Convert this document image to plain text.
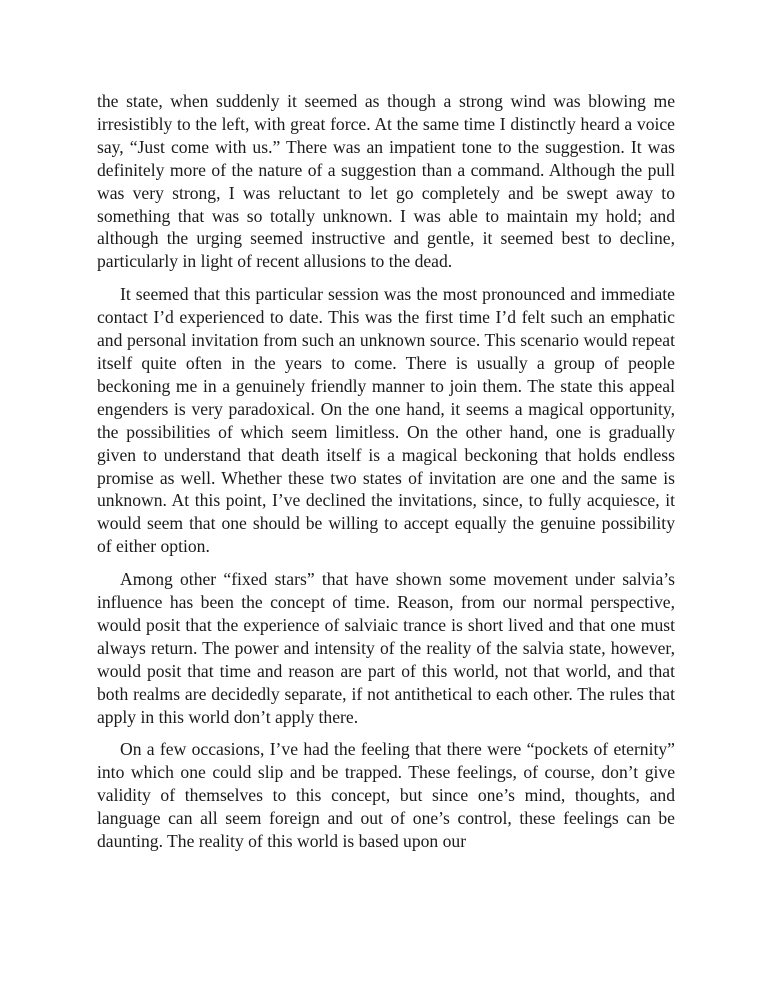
the state, when suddenly it seemed as though a strong wind was blowing me irresistibly to the left, with great force. At the same time I distinctly heard a voice say, “Just come with us.” There was an impatient tone to the suggestion. It was definitely more of the nature of a suggestion than a command. Although the pull was very strong, I was reluctant to let go completely and be swept away to something that was so totally unknown. I was able to maintain my hold; and although the urging seemed instructive and gentle, it seemed best to decline, particularly in light of recent allusions to the dead.

It seemed that this particular session was the most pronounced and immediate contact I’d experienced to date. This was the first time I’d felt such an emphatic and personal invitation from such an unknown source. This scenario would repeat itself quite often in the years to come. There is usually a group of people beckoning me in a genuinely friendly manner to join them. The state this appeal engenders is very paradoxical. On the one hand, it seems a magical opportunity, the possibilities of which seem limitless. On the other hand, one is gradually given to understand that death itself is a magical beckoning that holds endless promise as well. Whether these two states of invitation are one and the same is unknown. At this point, I’ve declined the invitations, since, to fully acquiesce, it would seem that one should be willing to accept equally the genuine possibility of either option.

Among other “fixed stars” that have shown some movement under salvia’s influence has been the concept of time. Reason, from our normal perspective, would posit that the experience of salviaic trance is short lived and that one must always return. The power and intensity of the reality of the salvia state, however, would posit that time and reason are part of this world, not that world, and that both realms are decidedly separate, if not antithetical to each other. The rules that apply in this world don’t apply there.

On a few occasions, I’ve had the feeling that there were “pockets of eternity” into which one could slip and be trapped. These feelings, of course, don’t give validity of themselves to this concept, but since one’s mind, thoughts, and language can all seem foreign and out of one’s control, these feelings can be daunting. The reality of this world is based upon our
